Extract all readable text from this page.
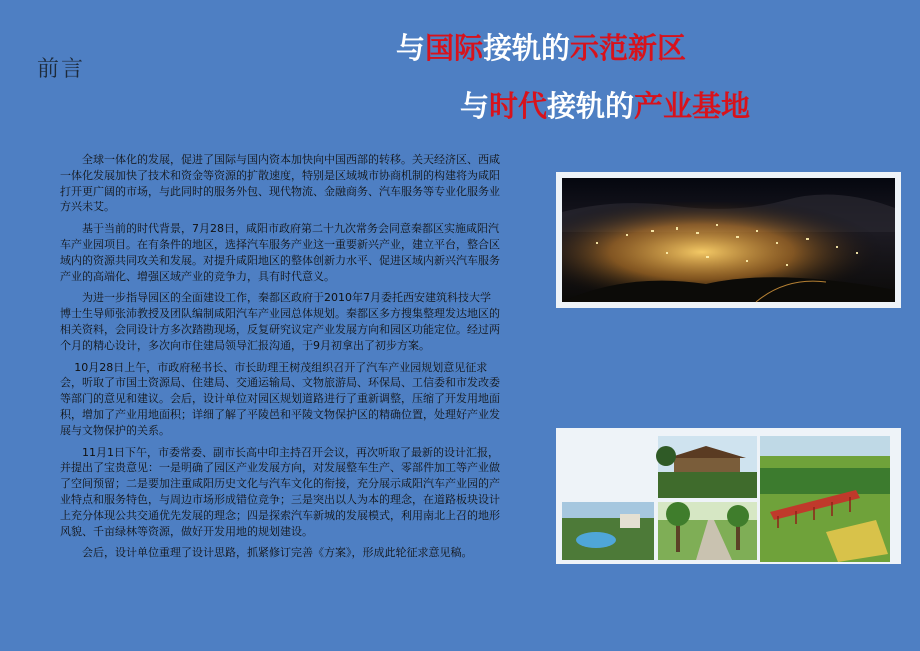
前言
与国际接轨的示范新区
与时代接轨的产业基地

全球一体化的发展，促进了国际与国内资本加快向中国西部的转移。关天经济区、西咸一体化发展加快了技术和资金等资源的扩散速度，特别是区域城市协商机制的构建将为咸阳打开更广阔的市场，与此同时的服务外包、现代物流、金融商务、汽车服务等专业化服务业方兴未艾。

基于当前的时代背景，7月28日，咸阳市政府第二十九次常务会同意秦都区实施咸阳汽车产业园项目。在有条件的地区，选择汽车服务产业这一重要新兴产业，建立平台，整合区域内的资源共同攻关和发展。对提升咸阳地区的整体创新力水平、促进区域内新兴汽车服务产业的高端化、增强区域产业的竞争力，具有时代意义。

为进一步指导园区的全面建设工作，秦都区政府于2010年7月委托西安建筑科技大学博士生导师张沛教授及团队编制咸阳汽车产业园总体规划。秦都区多方搜集整理发达地区的相关资料，会同设计方多次踏勘现场，反复研究议定产业发展方向和园区功能定位。经过两个月的精心设计，多次向市住建局领导汇报沟通，于9月初拿出了初步方案。

10月28日上午，市政府秘书长、市长助理王树茂组织召开了汽车产业园规划意见征求会，听取了市国土资源局、住建局、交通运输局、文物旅游局、环保局、工信委和市发改委等部门的意见和建议。会后，设计单位对园区规划道路进行了重新调整，压缩了开发用地面积，增加了产业用地面积；详细了解了平陵邑和平陵文物保护区的精确位置，处理好产业发展与文物保护的关系。

11月1日下午，市委常委、副市长高中印主持召开会议，再次听取了最新的设计汇报，并提出了宝贵意见：一是明确了园区产业发展方向，对发展整车生产、零部件加工等产业做了空间预留；二是要加注重咸阳历史文化与汽车文化的衔接，充分展示咸阳汽车产业园的产业特点和服务特色，与周边市场形成错位竞争；三是突出以人为本的理念，在道路板块设计上充分体现公共交通优先发展的理念；四是探索汽车新城的发展模式，利用南北上召的地形风貌、千亩绿林等资源，做好开发用地的规划建设。

会后，设计单位重理了设计思路，抓紧修订完善《方案》，形成此轮征求意见稿。
